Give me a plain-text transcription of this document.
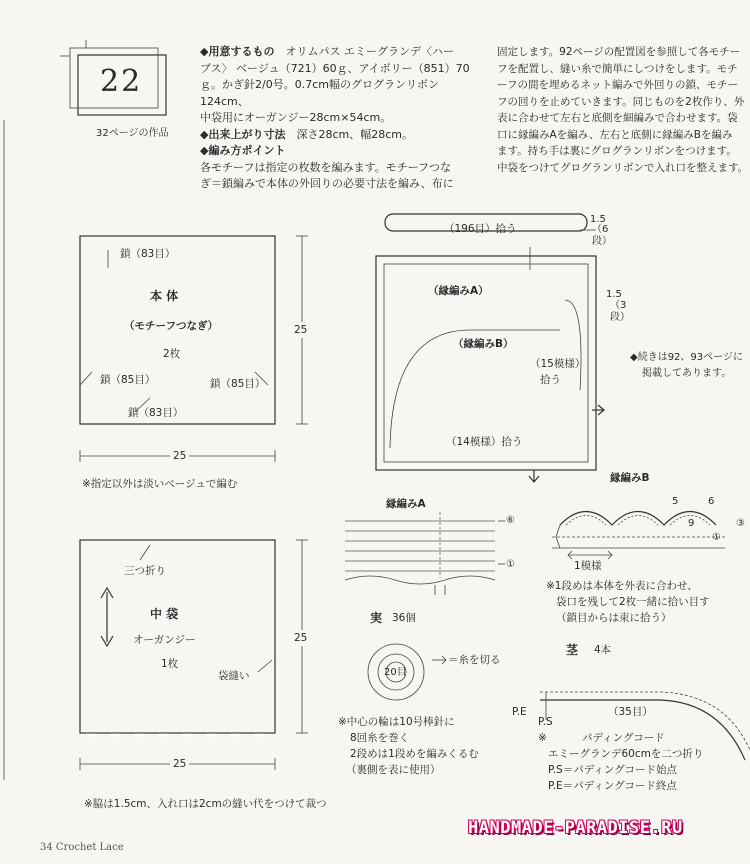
22
32ページの作品
◆用意するもの　 オリムパス エミーグランデ〈ハー
ブス〉 ベージュ（721）60ｇ、アイボリー（851）70
ｇ。かぎ針2/0号。0.7cm幅のグログランリボン124cm、
中袋用にオーガンジー28cm×54cm。
◆出来上がり寸法　 深さ28cm、幅28cm。
◆編み方ポイント
各モチーフは指定の枚数を編みます。モチーフつな
ぎ＝鎖編みで本体の外回りの必要寸法を編み、布に
固定します。92ページの配置図を参照して各モチー
フを配置し、縫い糸で簡単にしつけをします。モチ
ーフの間を埋めるネット編みで外回りの鎖、モチー
フの回りを止めていきます。同じものを2枚作り、外
表に合わせて左右と底側を細編みで合わせます。袋
口に縁編みAを編み、左右と底側に縁編みBを編み
ます。持ち手は裏にグログランリボンをつけます。
中袋をつけてグログランリボンで入れ口を整えます。
鎖（83目）
本 体
（モチーフつなぎ）
2枚
鎖（85目）	鎖（85目）
鎖（83目）
25
25
※指定以外は淡いベージュで編む
（196目）拾う
1.5
（6段）
（縁編みA）	1.5
（3段）
（縁編みB）
（15模様）
拾う
（14模様）拾う
◆続きは92、93ページに
掲載してあります。
縁編みA
⑥
①
縁編みB
5	6
9	③
①
1模様
※1段めは本体を外表に合わせ、
袋口を残して2枚一緒に拾い目す
（鎖目からは束に拾う）
三つ折り
中 袋
オーガンジー
1枚
袋縫い
25
25
※脇は1.5cm、入れ口は2cmの縫い代をつけて裁つ
実 36個
20目
＝糸を切る
※中心の輪は10号棒針に
8回糸を巻く
2段めは1段めを編みくるむ
（裏側を表に使用）
茎 4本
P.E
P.S
（35目）
※	パディングコード
エミーグランデ60cmを二つ折り
P.S＝パディングコード始点
P.E＝パディングコード終点
34 Crochet Lace
HANDMADE-PARADISE.RU
